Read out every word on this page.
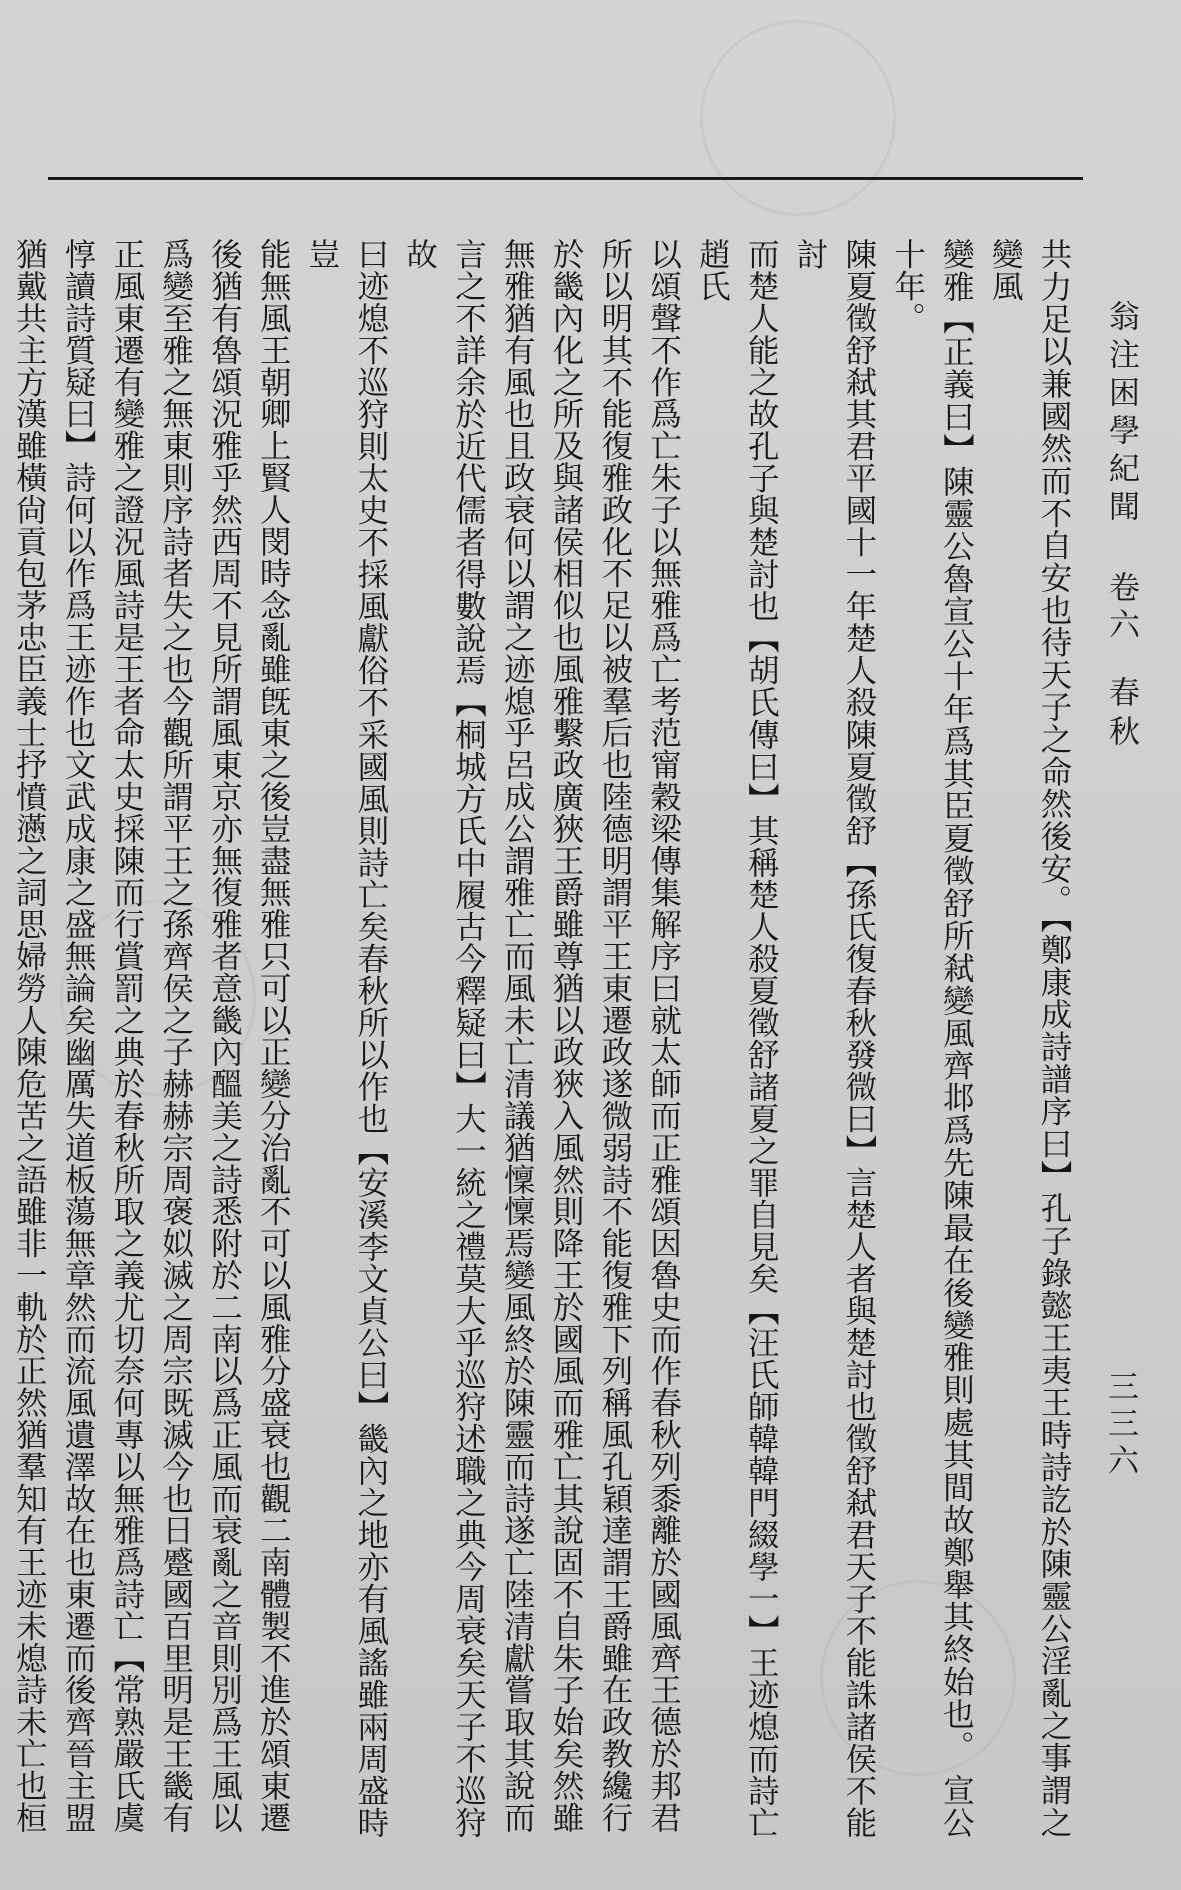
翁注困學紀聞 卷六 春秋
三三六
共力足以兼國然而不自安也待天子之命然後安。【鄭康成詩譜序曰】孔子錄懿王夷王時詩訖於陳靈公淫亂之事謂之變風
變雅【正義曰】陳靈公魯宣公十年爲其臣夏徵舒所弒變風齊邶爲先陳最在後變雅則處其間故鄭舉其終始也。 宣公十年。
陳夏徵舒弒其君平國十一年楚人殺陳夏徵舒【孫氏復春秋發微曰】言楚人者與楚討也徵舒弒君天子不能誅諸侯不能討
而楚人能之故孔子與楚討也【胡氏傳曰】其稱楚人殺夏徵舒諸夏之罪自見矣【汪氏師韓韓門綴學一】王迹熄而詩亡趙氏
以頌聲不作爲亡朱子以無雅爲亡考范甯穀梁傳集解序曰就太師而正雅頌因魯史而作春秋列黍離於國風齊王德於邦君
所以明其不能復雅政化不足以被羣后也陸德明謂平王東遷政遂微弱詩不能復雅下列稱風孔穎達謂王爵雖在政教纔行
於畿內化之所及與諸侯相似也風雅繫政廣狹王爵雖尊猶以政狹入風然則降王於國風而雅亡其說固不自朱子始矣然雖
無雅猶有風也且政衰何以謂之迹熄乎呂成公謂雅亡而風未亡清議猶懍懍焉變風終於陳靈而詩遂亡陸清獻嘗取其說而
言之不詳余於近代儒者得數說焉【桐城方氏中履古今釋疑曰】大一統之禮莫大乎巡狩述職之典今周衰矣天子不巡狩故
曰迹熄不巡狩則太史不採風獻俗不采國風則詩亡矣春秋所以作也【安溪李文貞公曰】畿內之地亦有風謠雖兩周盛時豈
能無風王朝卿上賢人閔時念亂雖旣東之後豈盡無雅只可以正變分治亂不可以風雅分盛衰也觀二南體製不進於頌東遷
後猶有魯頌況雅乎然西周不見所謂風東京亦無復雅者意畿內醞美之詩悉附於二南以爲正風而衰亂之音則別爲王風以
爲變至雅之無東則序詩者失之也今觀所謂平王之孫齊侯之子赫赫宗周褒姒滅之周宗既滅今也日蹙國百里明是王畿有
正風東遷有變雅之證況風詩是王者命太史採陳而行賞罰之典於春秋所取之義尤切奈何專以無雅爲詩亡【常熟嚴氏虞
惇讀詩質疑曰】詩何以作爲王迹作也文武成康之盛無論矣幽厲失道板蕩無章然而流風遺澤故在也東遷而後齊晉主盟
猶戴共主方漢雖橫尙貢包茅忠臣義士抒憤懣之詞思婦勞人陳危苦之語雖非一軌於正然猶羣知有王迹未熄詩未亡也桓
